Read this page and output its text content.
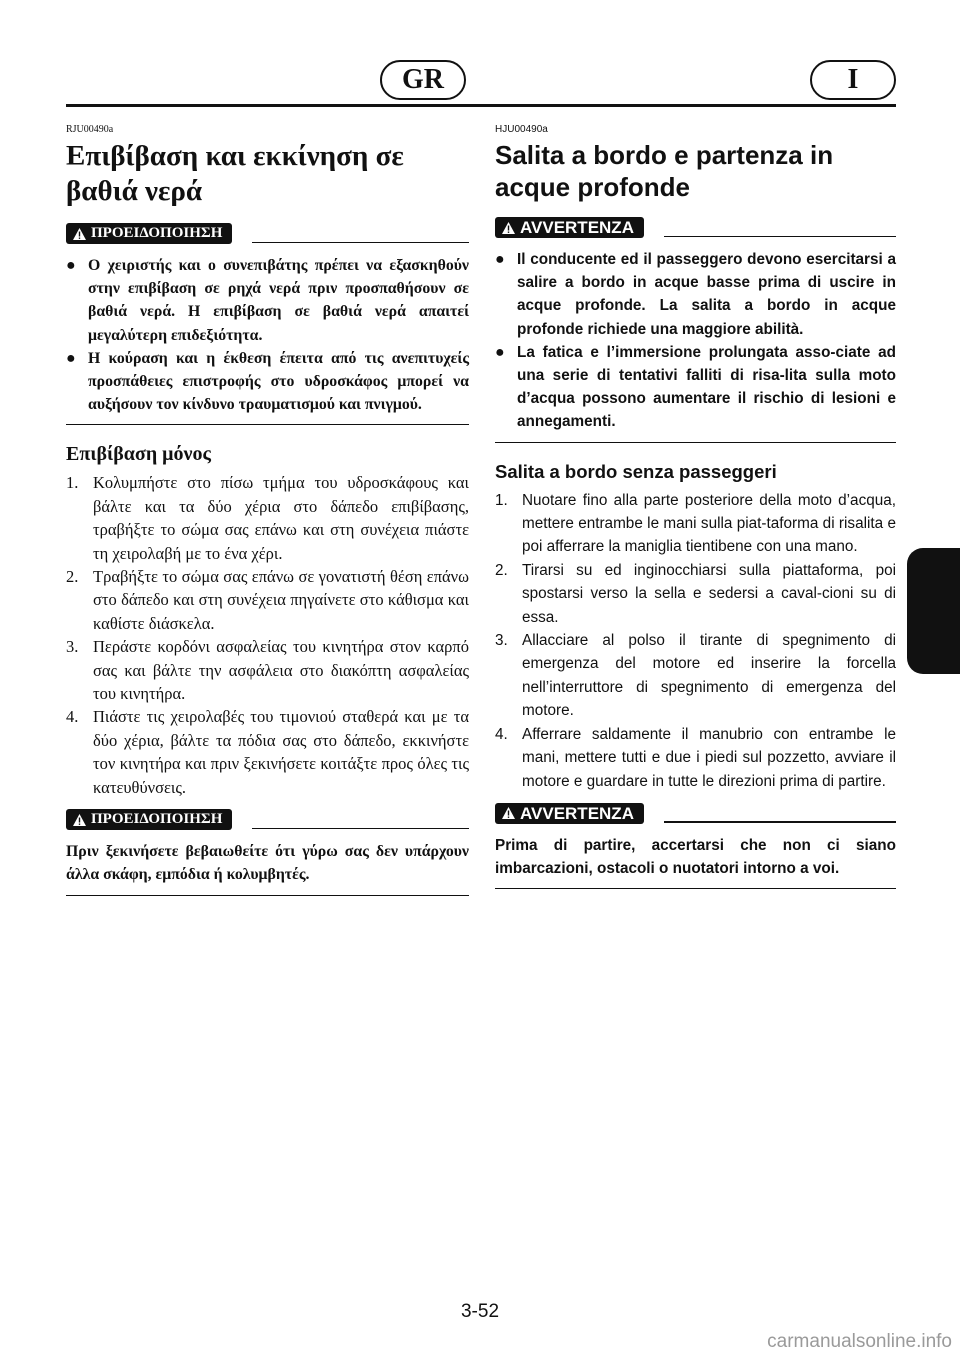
GR	I
RJU00490a
Επιβίβαση και εκκίνηση σε βαθιά νερά
ΠΡΟΕΙΔΟΠΟΙΗΣΗ
● Ο χειριστής και ο συνεπιβάτης πρέπει να εξασκηθούν στην επιβίβαση σε ρηχά νερά πριν προσπαθήσουν σε βαθιά νερά. Η επιβίβαση σε βαθιά νερά απαιτεί μεγαλύτερη επιδεξιότητα.
● Η κούραση και η έκθεση έπειτα από τις ανεπιτυχείς προσπάθειες επιστροφής στο υδροσκάφος μπορεί να αυξήσουν τον κίνδυνο τραυματισμού και πνιγμού.
Επιβίβαση μόνος
1. Κολυμπήστε στο πίσω τμήμα του υδροσκάφους και βάλτε και τα δύο χέρια στο δάπεδο επιβίβασης, τραβήξτε το σώμα σας επάνω και στη συνέχεια πιάστε τη χειρολαβή με το ένα χέρι.
2. Τραβήξτε το σώμα σας επάνω σε γονατιστή θέση επάνω στο δάπεδο και στη συνέχεια πηγαίνετε στο κάθισμα και καθίστε διάσκελα.
3. Περάστε κορδόνι ασφαλείας του κινητήρα στον καρπό σας και βάλτε την ασφάλεια στο διακόπτη ασφαλείας του κινητήρα.
4. Πιάστε τις χειρολαβές του τιμονιού σταθερά και με τα δύο χέρια, βάλτε τα πόδια σας στο δάπεδο, εκκινήστε τον κινητήρα και πριν ξεκινήσετε κοιτάξτε προς όλες τις κατευθύνσεις.
ΠΡΟΕΙΔΟΠΟΙΗΣΗ
Πριν ξεκινήσετε βεβαιωθείτε ότι γύρω σας δεν υπάρχουν άλλα σκάφη, εμπόδια ή κολυμβητές.
HJU00490a
Salita a bordo e partenza in acque profonde
AVVERTENZA
● Il conducente ed il passeggero devono esercitarsi a salire a bordo in acque basse prima di uscire in acque profonde. La salita a bordo in acque profonde richiede una maggiore abilità.
● La fatica e l’immersione prolungata asso-ciate ad una serie di tentativi falliti di risa-lita sulla moto d’acqua possono aumentare il rischio di lesioni e annegamenti.
Salita a bordo senza passeggeri
1. Nuotare fino alla parte posteriore della moto d’acqua, mettere entrambe le mani sulla piat-taforma di risalita e poi afferrare la maniglia tientibene con una mano.
2. Tirarsi su ed inginocchiarsi sulla piattaforma, poi spostarsi verso la sella e sedersi a caval-cioni su di essa.
3. Allacciare al polso il tirante di spegnimento di emergenza del motore ed inserire la forcella nell’interruttore di spegnimento di emergenza del motore.
4. Afferrare saldamente il manubrio con entrambe le mani, mettere tutti e due i piedi sul pozzetto, avviare il motore e guardare in tutte le direzioni prima di partire.
AVVERTENZA
Prima di partire, accertarsi che non ci siano imbarcazioni, ostacoli o nuotatori intorno a voi.
3-52
carmanualsonline.info
